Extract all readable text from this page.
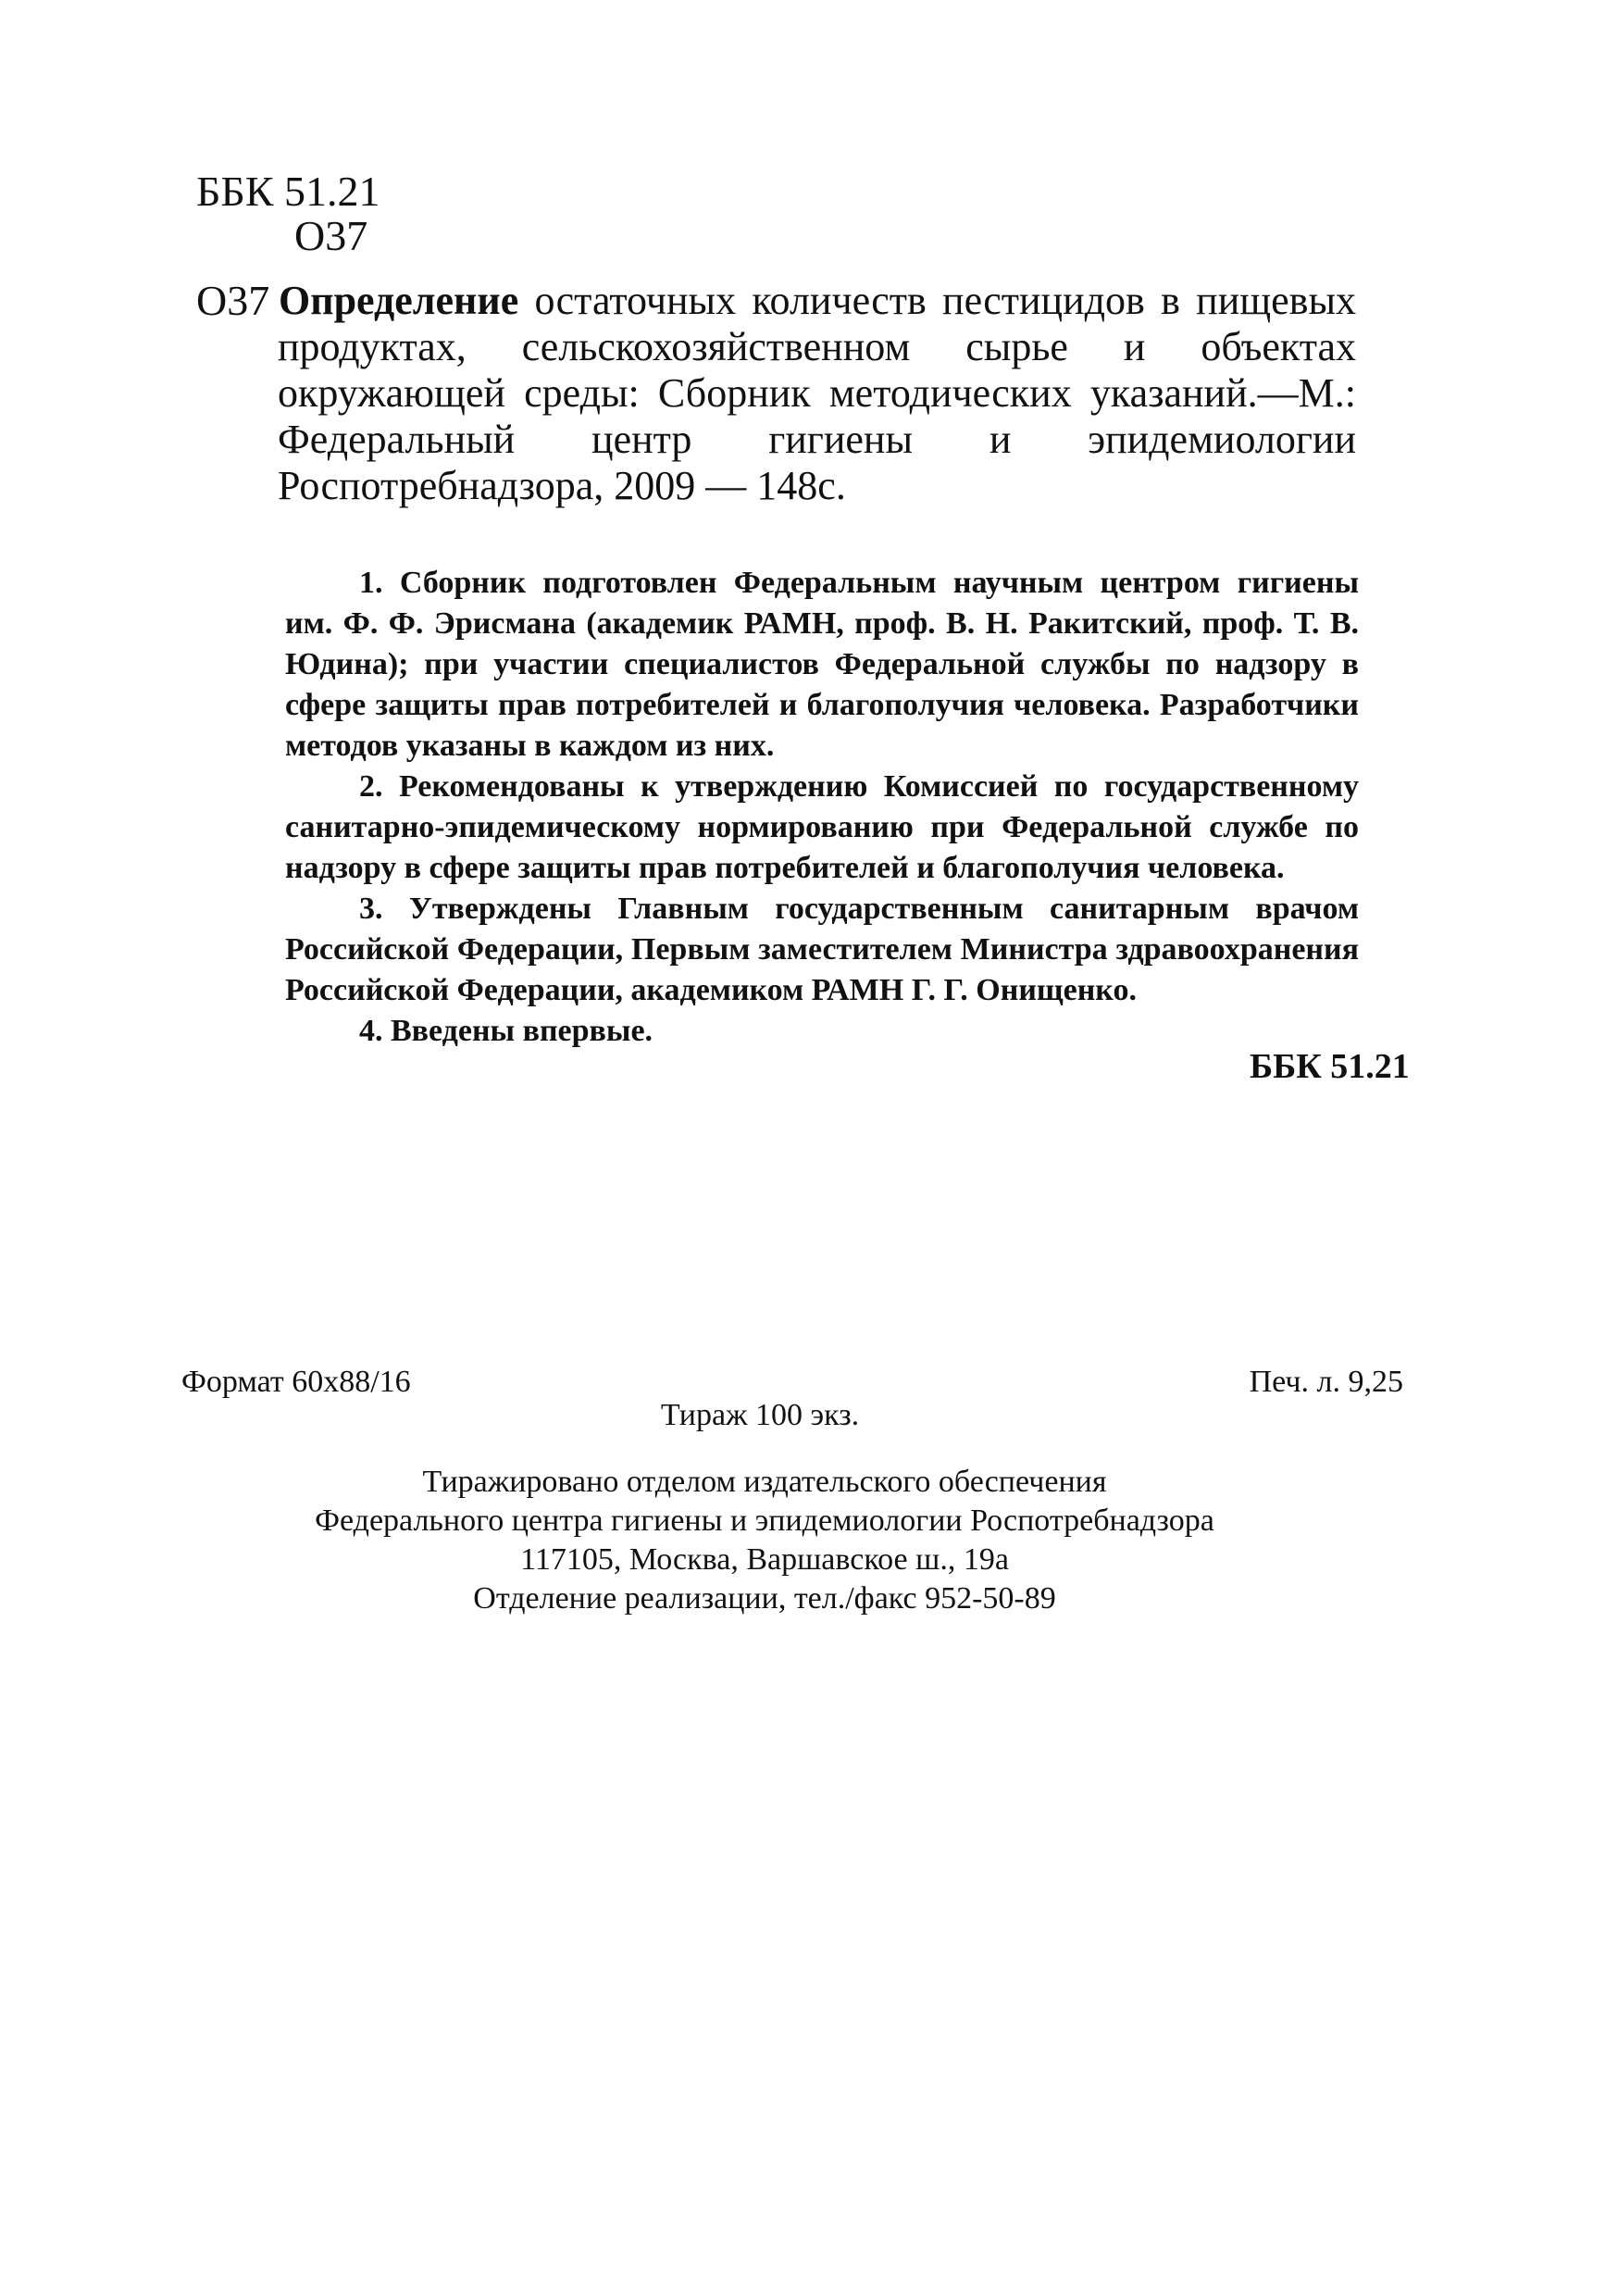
ББК 51.21
О37
О37 Определение остаточных количеств пестицидов в пищевых продуктах, сельскохозяйственном сырье и объектах окружающей среды: Сборник методических указаний.—М.: Федеральный центр гигиены и эпидемиологии Роспотребнадзора, 2009 — 148с.

1. Сборник подготовлен Федеральным научным центром гигиены им. Ф. Ф. Эрисмана (академик РАМН, проф. В. Н. Ракитский, проф. Т. В. Юдина); при участии специалистов Федеральной службы по надзору в сфере защиты прав потребителей и благополучия человека. Разработчики методов указаны в каждом из них.

2. Рекомендованы к утверждению Комиссией по государственному санитарно-эпидемическому нормированию при Федеральной службе по надзору в сфере защиты прав потребителей и благополучия человека.

3. Утверждены Главным государственным санитарным врачом Российской Федерации, Первым заместителем Министра здравоохранения Российской Федерации, академиком РАМН Г. Г. Онищенко.

4. Введены впервые.

ББК 51.21
Формат 60х88/16	Печ. л. 9,25
Тираж 100 экз.
Тиражировано отделом издательского обеспечения
Федерального центра гигиены и эпидемиологии Роспотребнадзора
117105, Москва, Варшавское ш., 19а
Отделение реализации, тел./факс 952-50-89
